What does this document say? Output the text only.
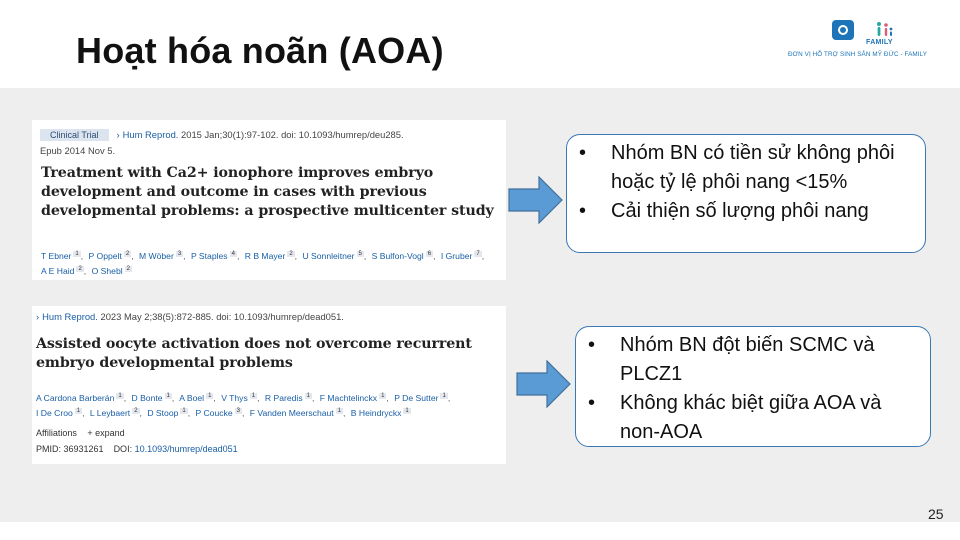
Hoạt hóa noãn (AOA)	FAMILY
ĐƠN VỊ HỖ TRỢ SINH SẢN MỸ ĐỨC - FAMILY
Clinical Trial › Hum Reprod. 2015 Jan;30(1):97-102. doi: 10.1093/humrep/deu285.
Epub 2014 Nov 5.
Treatment with Ca2+ ionophore improves embryo development and outcome in cases with previous developmental problems: a prospective multicenter study
T Ebner $^1$ , P Oppelt $^2$ , M Wöber $^3$ , P Staples $^4$ , R B Mayer $^2$ , U Sonnleitner $^5$ , S Bulfon-Vogl $^6$ , I Gruber $^7$ , A E Haid $^2$ , O Shebl $^2$
› Hum Reprod. 2023 May 2;38(5):872-885. doi: 10.1093/humrep/dead051.
Assisted oocyte activation does not overcome recurrent embryo developmental problems
A Cardona Barberán $^1$ , D Bonte $^1$ , A Boel $^1$ , V Thys $^1$ , R Paredis $^1$ , F Machtelinckx $^1$ , P De Sutter $^1$ , I De Croo $^1$ , L Leybaert $^2$ , D Stoop $^1$ , P Coucke $^3$ , F Vanden Meerschaut $^1$ , B Heindryckx $^1$
Affiliations + expand
PMID: 36931261 DOI: 10.1093/humrep/dead051
• Nhóm BN có tiền sử không phôi hoặc tỷ lệ phôi nang <15%
• Cải thiện số lượng phôi nang
• Nhóm BN đột biến SCMC và PLCZ1
• Không khác biệt giữa AOA và non-AOA
25
